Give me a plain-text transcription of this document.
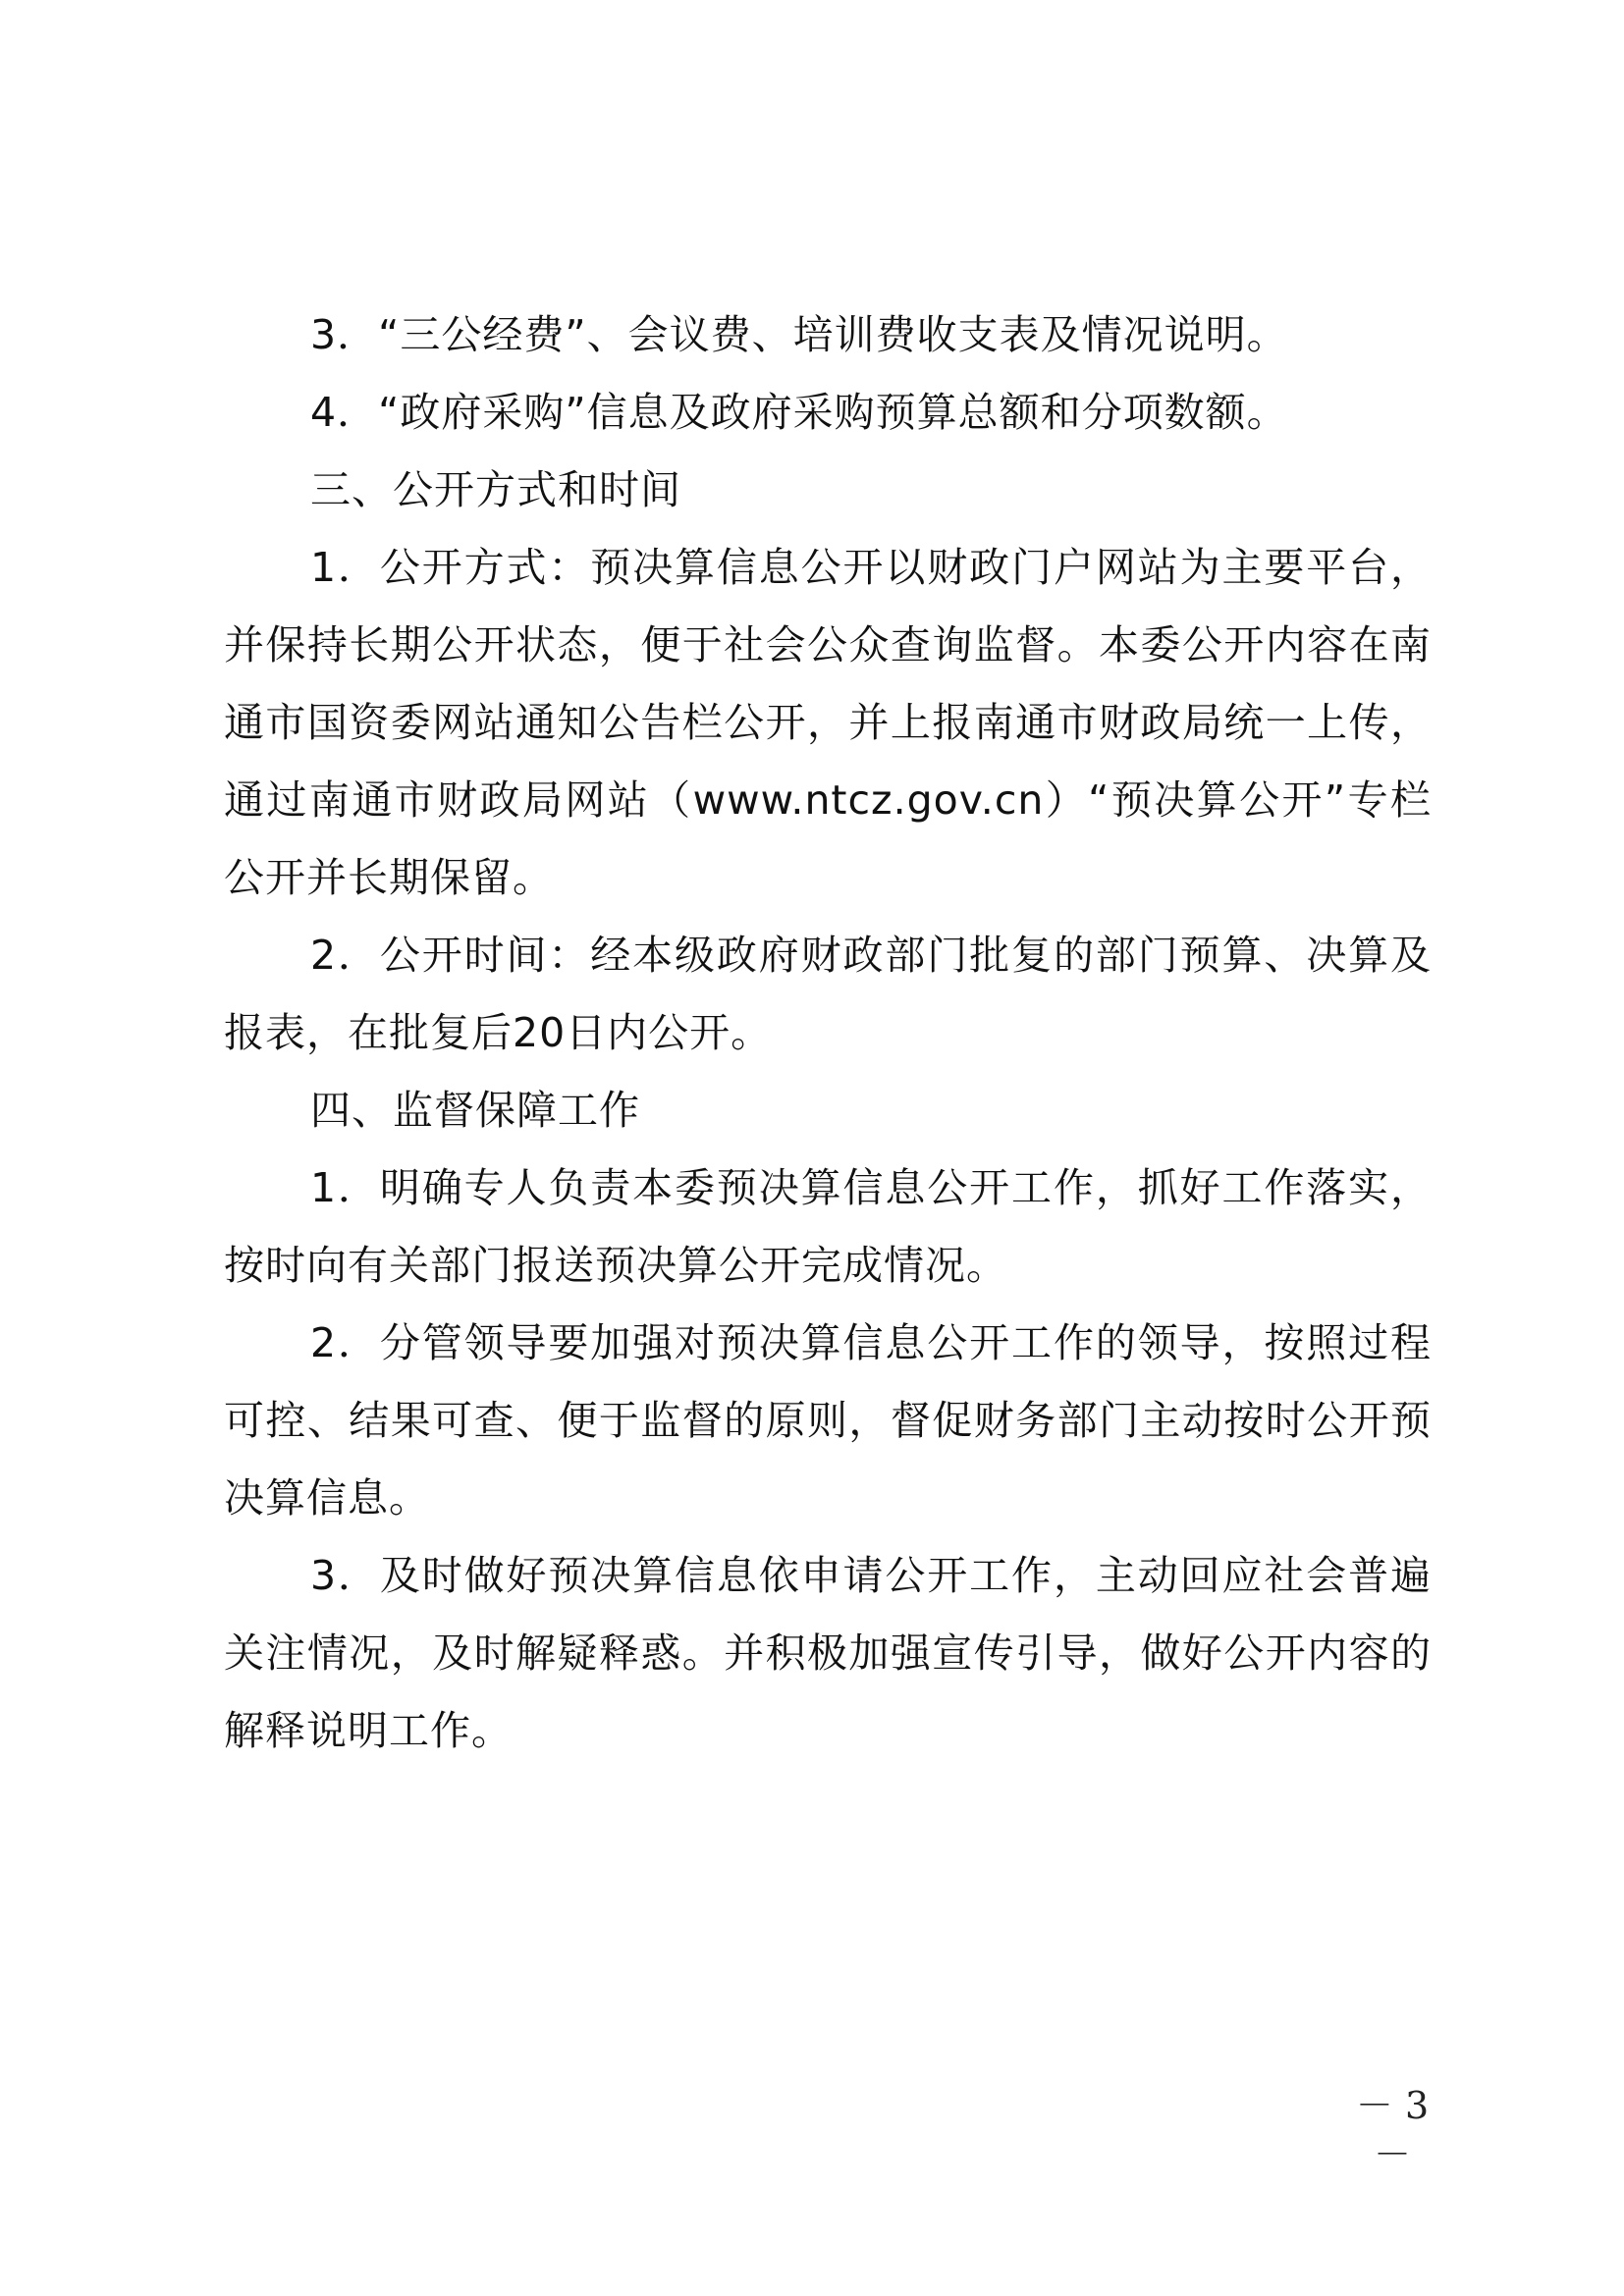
3．“三公经费”、会议费、培训费收支表及情况说明。

4．“政府采购”信息及政府采购预算总额和分项数额。

三、公开方式和时间

1．公开方式：预决算信息公开以财政门户网站为主要平台，并保持长期公开状态，便于社会公众查询监督。本委公开内容在南通市国资委网站通知公告栏公开，并上报南通市财政局统一上传，通过南通市财政局网站（www.ntcz.gov.cn）“预决算公开”专栏公开并长期保留。

2．公开时间：经本级政府财政部门批复的部门预算、决算及报表，在批复后20日内公开。

四、监督保障工作

1．明确专人负责本委预决算信息公开工作，抓好工作落实，按时向有关部门报送预决算公开完成情况。

2．分管领导要加强对预决算信息公开工作的领导，按照过程可控、结果可查、便于监督的原则，督促财务部门主动按时公开预决算信息。

3．及时做好预决算信息依申请公开工作，主动回应社会普遍关注情况，及时解疑释惑。并积极加强宣传引导，做好公开内容的解释说明工作。

－ 3 －
